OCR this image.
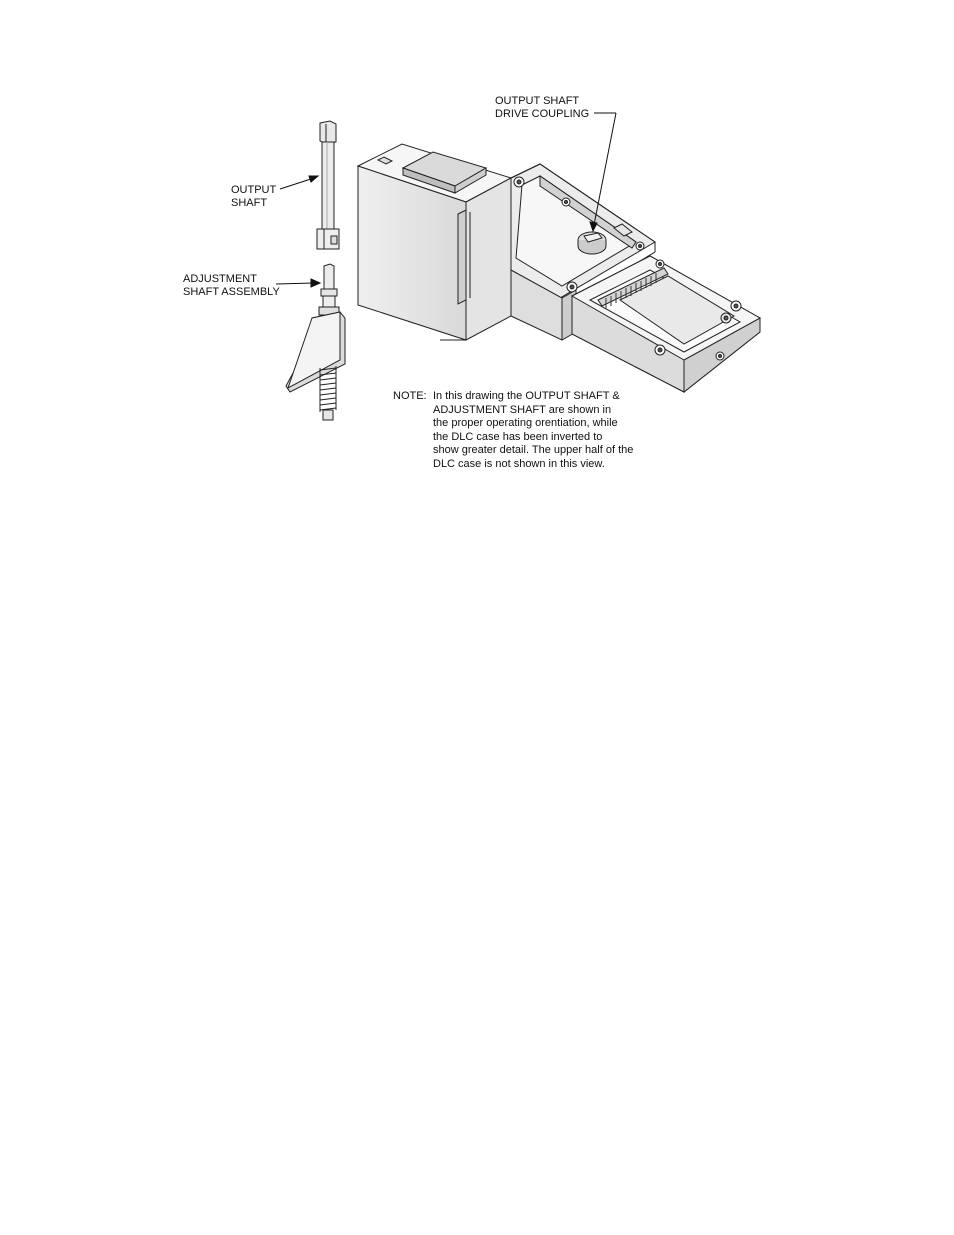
OUTPUT
SHAFT
ADJUSTMENT
SHAFT ASSEMBLY
OUTPUT SHAFT
DRIVE COUPLING
NOTE: In this drawing the OUTPUT SHAFT &
ADJUSTMENT SHAFT are shown in
the proper operating orentiation, while
the DLC case has been inverted to
show greater detail. The upper half of the
DLC case is not shown in this view.
